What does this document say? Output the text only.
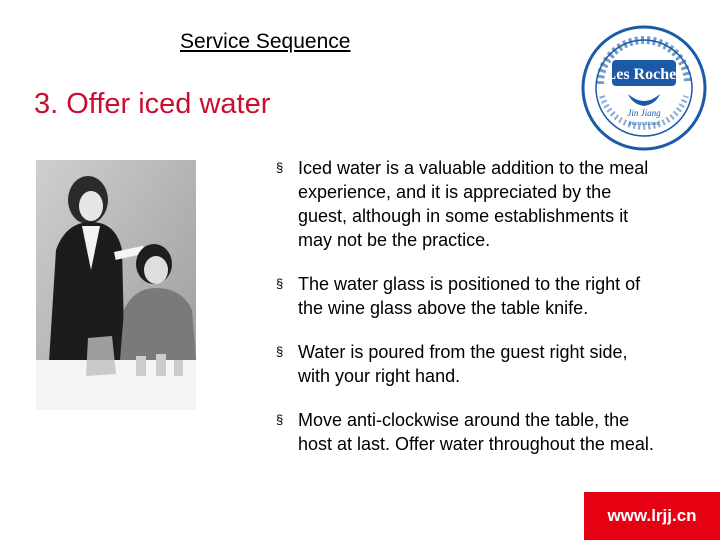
Service Sequence
3. Offer iced water
Les Roches
Jin Jiang
International
§ Iced water is a valuable addition to the meal experience, and it is appreciated by the guest, although in some establishments it may not be the practice.
§ The water glass is positioned to the right of the wine glass above the table knife.
§ Water is poured from the guest right side, with your right hand.
§ Move anti-clockwise around the table, the host at last. Offer water throughout the meal.
www.lrjj.cn
